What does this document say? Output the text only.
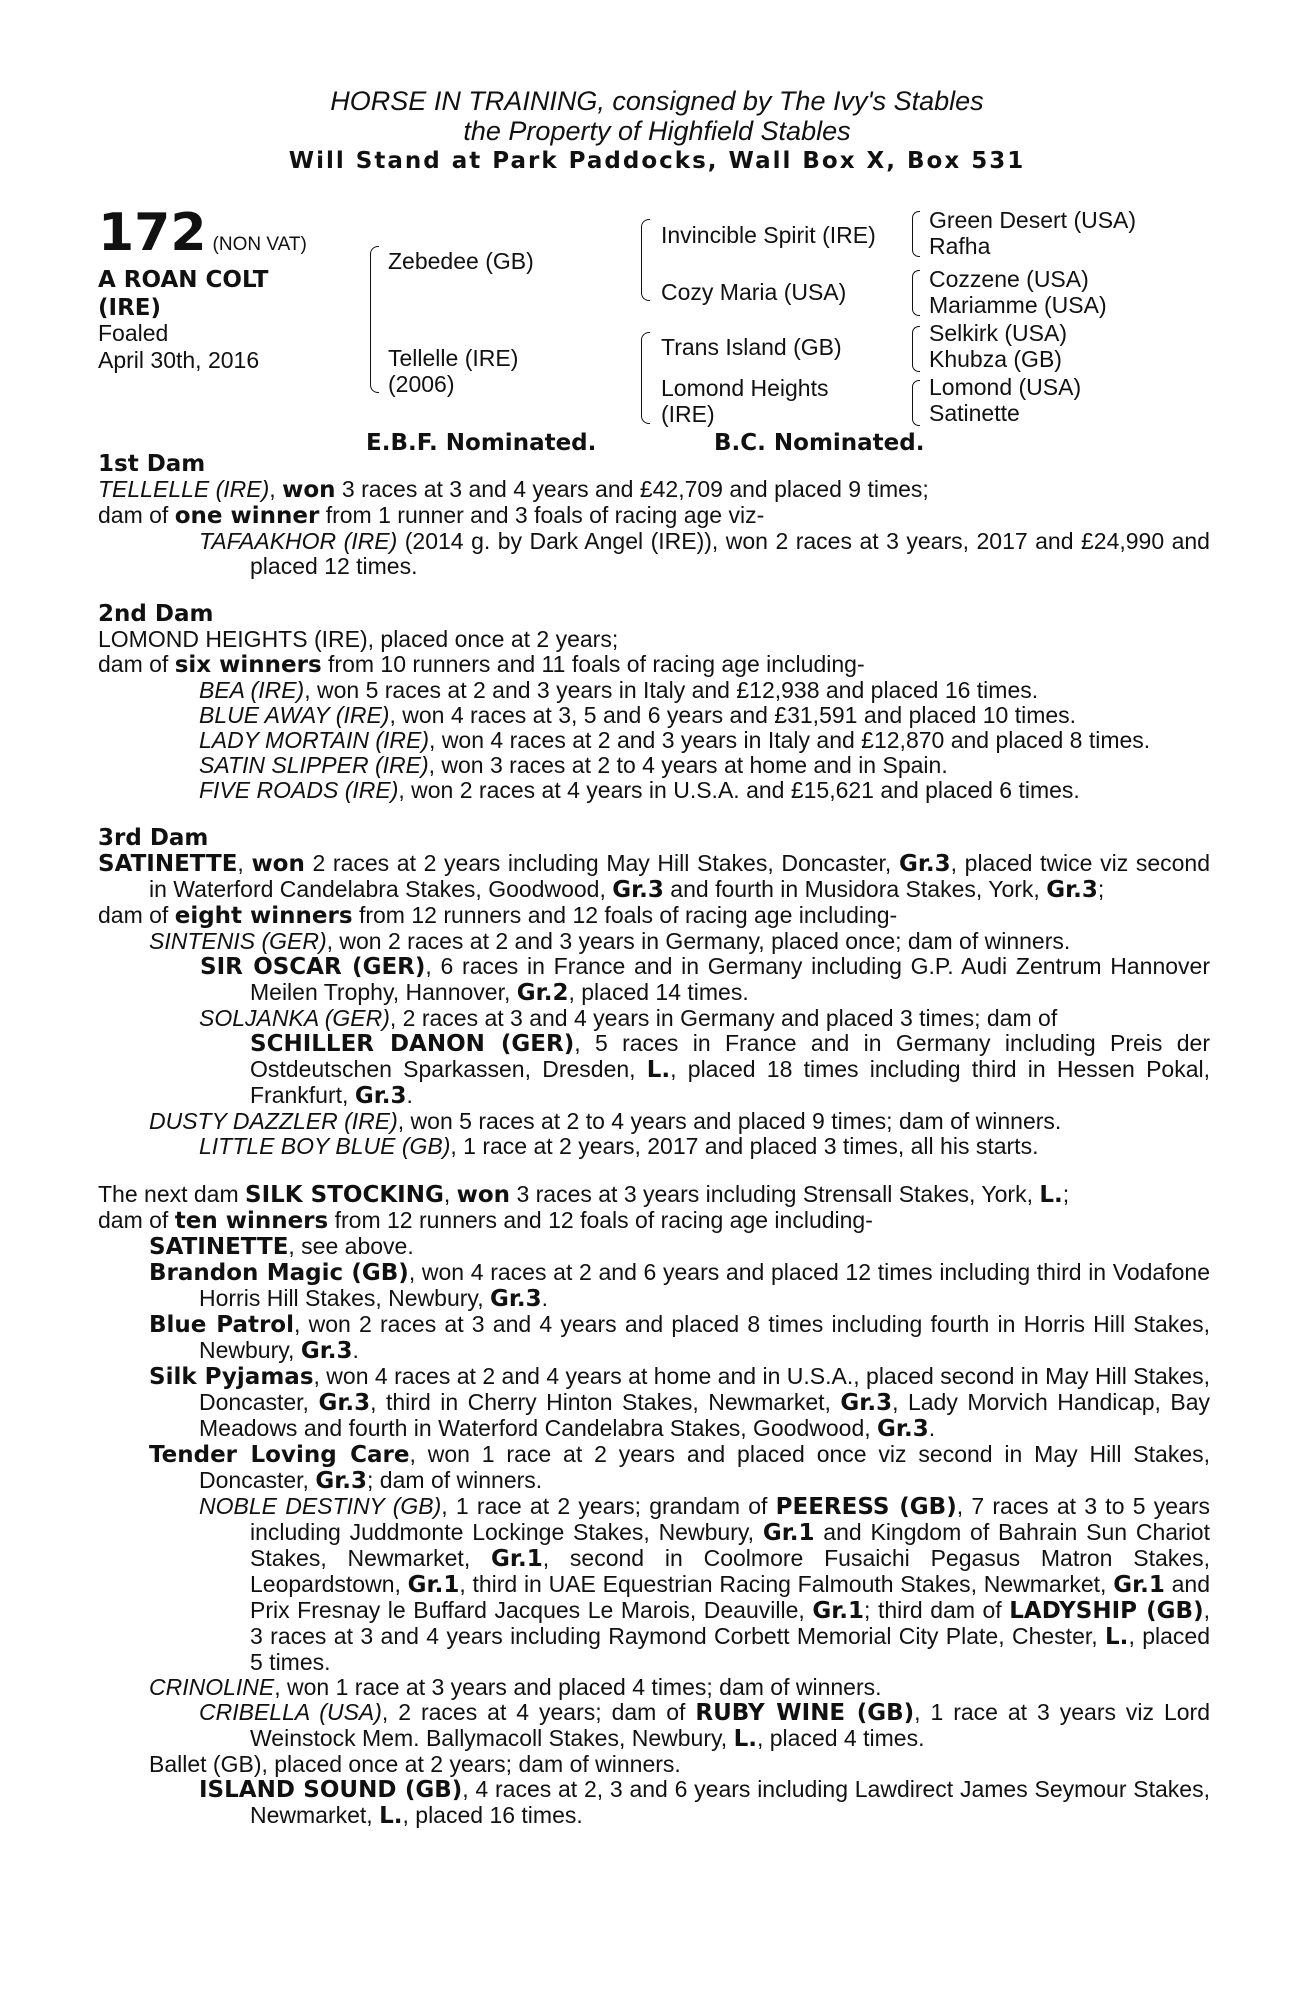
HORSE IN TRAINING, consigned by The Ivy's Stables
the Property of Highfield Stables
Will Stand at Park Paddocks, Wall Box X, Box 531
172 (NON VAT)
A ROAN COLT
(IRE)
Foaled
April 30th, 2016
Zebedee (GB)
Tellelle (IRE)
(2006)
Invincible Spirit (IRE)
Cozy Maria (USA)
Trans Island (GB)
Lomond Heights
(IRE)
Green Desert (USA)
Rafha
Cozzene (USA)
Mariamme (USA)
Selkirk (USA)
Khubza (GB)
Lomond (USA)
Satinette
E.B.F. Nominated.	B.C. Nominated.

1st Dam

TELLELLE (IRE), won 3 races at 3 and 4 years and £42,709 and placed 9 times;

dam of one winner from 1 runner and 3 foals of racing age viz-

TAFAAKHOR (IRE) (2014 g. by Dark Angel (IRE)), won 2 races at 3 years, 2017 and £24,990 and placed 12 times.

2nd Dam

LOMOND HEIGHTS (IRE), placed once at 2 years;

dam of six winners from 10 runners and 11 foals of racing age including-

BEA (IRE), won 5 races at 2 and 3 years in Italy and £12,938 and placed 16 times.

BLUE AWAY (IRE), won 4 races at 3, 5 and 6 years and £31,591 and placed 10 times.

LADY MORTAIN (IRE), won 4 races at 2 and 3 years in Italy and £12,870 and placed 8 times.

SATIN SLIPPER (IRE), won 3 races at 2 to 4 years at home and in Spain.

FIVE ROADS (IRE), won 2 races at 4 years in U.S.A. and £15,621 and placed 6 times.

3rd Dam

SATINETTE, won 2 races at 2 years including May Hill Stakes, Doncaster, Gr.3, placed twice viz second in Waterford Candelabra Stakes, Goodwood, Gr.3 and fourth in Musidora Stakes, York, Gr.3;

dam of eight winners from 12 runners and 12 foals of racing age including-

SINTENIS (GER), won 2 races at 2 and 3 years in Germany, placed once; dam of winners.

SIR OSCAR (GER), 6 races in France and in Germany including G.P. Audi Zentrum Hannover Meilen Trophy, Hannover, Gr.2, placed 14 times.

SOLJANKA (GER), 2 races at 3 and 4 years in Germany and placed 3 times; dam of

SCHILLER DANON (GER), 5 races in France and in Germany including Preis der Ostdeutschen Sparkassen, Dresden, L., placed 18 times including third in Hessen Pokal, Frankfurt, Gr.3.

DUSTY DAZZLER (IRE), won 5 races at 2 to 4 years and placed 9 times; dam of winners.

LITTLE BOY BLUE (GB), 1 race at 2 years, 2017 and placed 3 times, all his starts.

The next dam SILK STOCKING, won 3 races at 3 years including Strensall Stakes, York, L.;

dam of ten winners from 12 runners and 12 foals of racing age including-

SATINETTE, see above.

Brandon Magic (GB), won 4 races at 2 and 6 years and placed 12 times including third in Vodafone Horris Hill Stakes, Newbury, Gr.3.

Blue Patrol, won 2 races at 3 and 4 years and placed 8 times including fourth in Horris Hill Stakes, Newbury, Gr.3.

Silk Pyjamas, won 4 races at 2 and 4 years at home and in U.S.A., placed second in May Hill Stakes, Doncaster, Gr.3, third in Cherry Hinton Stakes, Newmarket, Gr.3, Lady Morvich Handicap, Bay Meadows and fourth in Waterford Candelabra Stakes, Goodwood, Gr.3.

Tender Loving Care, won 1 race at 2 years and placed once viz second in May Hill Stakes, Doncaster, Gr.3; dam of winners.

NOBLE DESTINY (GB), 1 race at 2 years; grandam of PEERESS (GB), 7 races at 3 to 5 years including Juddmonte Lockinge Stakes, Newbury, Gr.1 and Kingdom of Bahrain Sun Chariot Stakes, Newmarket, Gr.1, second in Coolmore Fusaichi Pegasus Matron Stakes, Leopardstown, Gr.1, third in UAE Equestrian Racing Falmouth Stakes, Newmarket, Gr.1 and Prix Fresnay le Buffard Jacques Le Marois, Deauville, Gr.1; third dam of LADYSHIP (GB), 3 races at 3 and 4 years including Raymond Corbett Memorial City Plate, Chester, L., placed 5 times.

CRINOLINE, won 1 race at 3 years and placed 4 times; dam of winners.

CRIBELLA (USA), 2 races at 4 years; dam of RUBY WINE (GB), 1 race at 3 years viz Lord Weinstock Mem. Ballymacoll Stakes, Newbury, L., placed 4 times.

Ballet (GB), placed once at 2 years; dam of winners.

ISLAND SOUND (GB), 4 races at 2, 3 and 6 years including Lawdirect James Seymour Stakes, Newmarket, L., placed 16 times.
